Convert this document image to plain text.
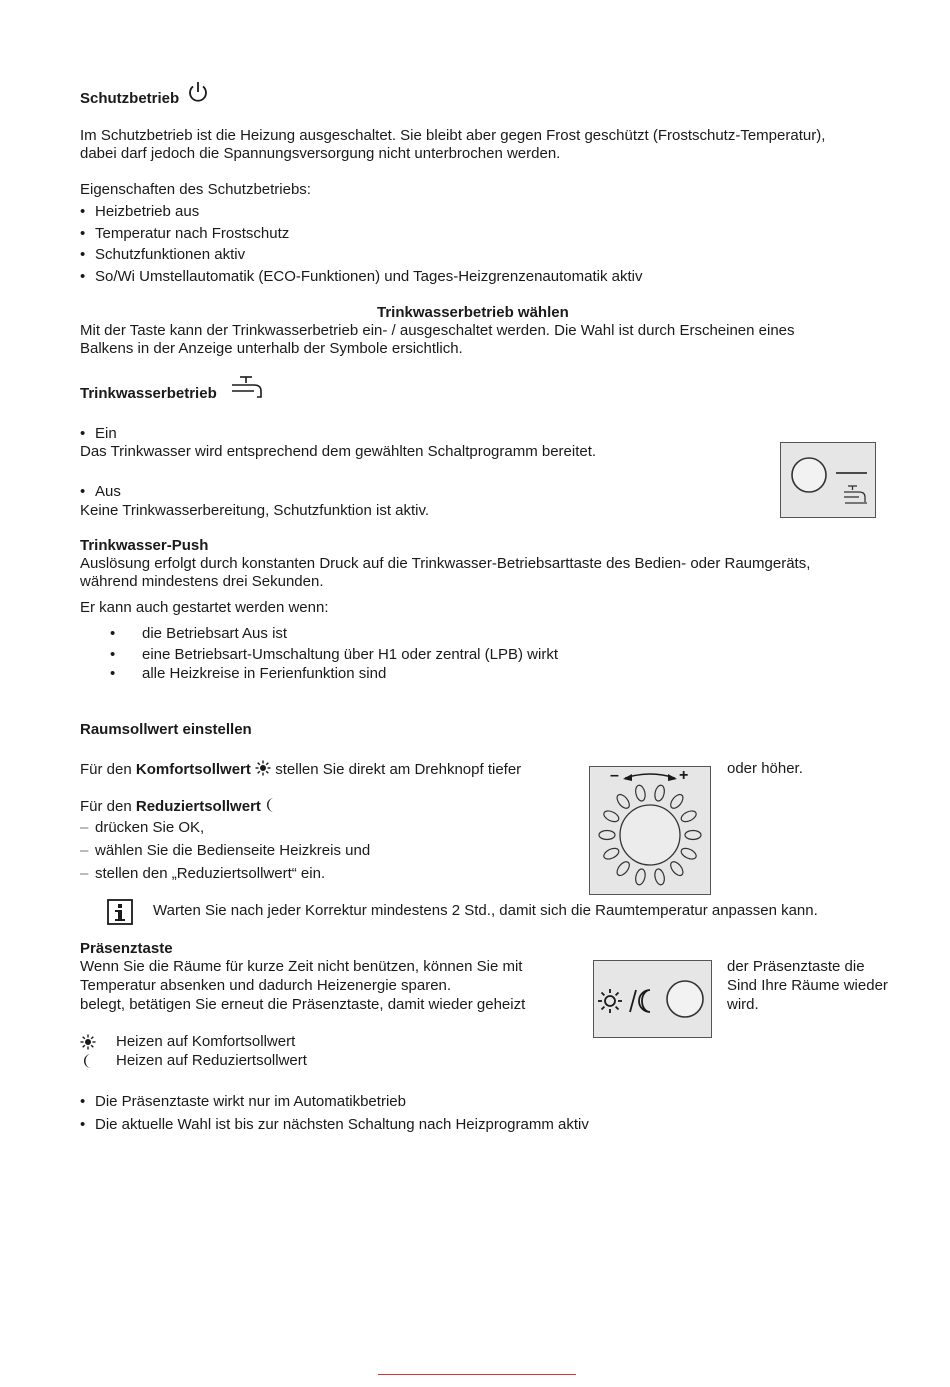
Schutzbetrieb
Im Schutzbetrieb ist die Heizung ausgeschaltet. Sie bleibt aber gegen Frost geschützt (Frostschutz-Temperatur),
dabei darf jedoch die Spannungsversorgung nicht unterbrochen werden.
Eigenschaften des Schutzbetriebs:
• Heizbetrieb aus
• Temperatur nach Frostschutz
• Schutzfunktionen aktiv
• So/Wi Umstellautomatik (ECO-Funktionen) und Tages-Heizgrenzenautomatik aktiv
Trinkwasserbetrieb wählen
Mit der Taste kann der Trinkwasserbetrieb ein- / ausgeschaltet werden. Die Wahl ist durch Erscheinen eines
Balkens in der Anzeige unterhalb der Symbole ersichtlich.
Trinkwasserbetrieb
• Ein
Das Trinkwasser wird entsprechend dem gewählten Schaltprogramm bereitet.
• Aus
Keine Trinkwasserbereitung, Schutzfunktion ist aktiv.
Trinkwasser-Push
Auslösung erfolgt durch konstanten Druck auf die Trinkwasser-Betriebsarttaste des Bedien- oder Raumgeräts,
während mindestens drei Sekunden.
Er kann auch gestartet werden wenn:
• die Betriebsart Aus ist
• eine Betriebsart-Umschaltung über H1 oder zentral (LPB) wirkt
• alle Heizkreise in Ferienfunktion sind
Raumsollwert einstellen
Für den Komfortsollwert  stellen Sie direkt am Drehknopf tiefer	oder höher.
Für den Reduziertsollwert
– drücken Sie OK,
– wählen Sie die Bedienseite Heizkreis und
– stellen den „Reduziertsollwert“ ein.
–	+
Warten Sie nach jeder Korrektur mindestens 2 Std., damit sich die Raumtemperatur anpassen kann.
Präsenztaste
Wenn Sie die Räume für kurze Zeit nicht benützen, können Sie mit	der Präsenztaste die
Temperatur absenken und dadurch Heizenergie sparen.	Sind Ihre Räume wieder
belegt, betätigen Sie erneut die Präsenztaste, damit wieder geheizt	wird.
Heizen auf Komfortsollwert
Heizen auf Reduziertsollwert
• Die Präsenztaste wirkt nur im Automatikbetrieb
• Die aktuelle Wahl ist bis zur nächsten Schaltung nach Heizprogramm aktiv
